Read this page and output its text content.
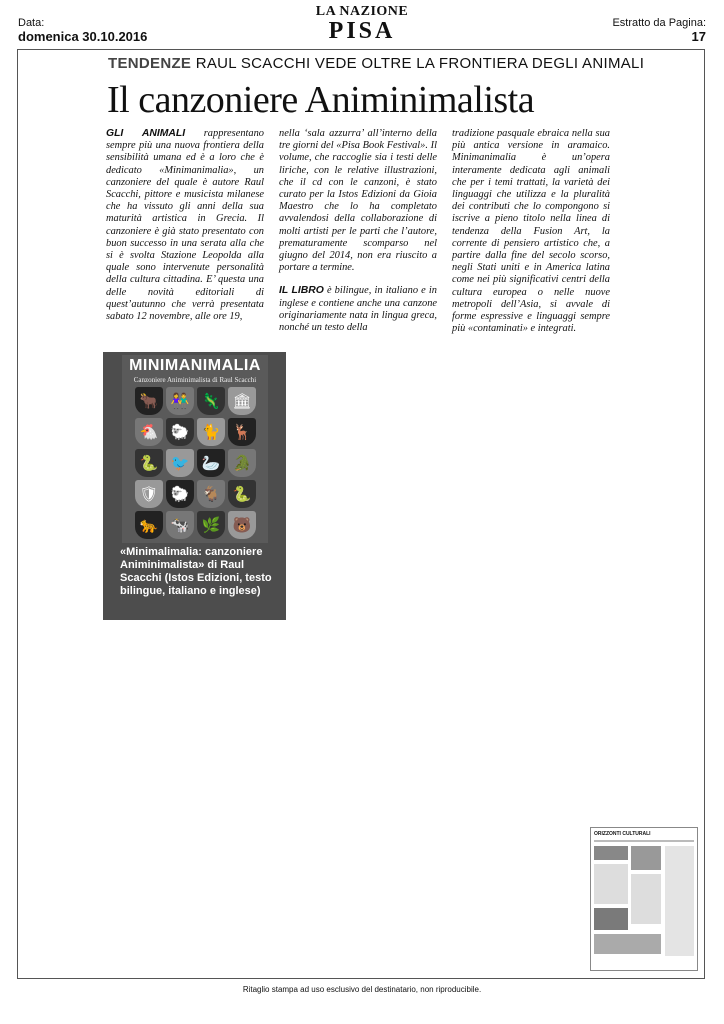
Data:
domenica 30.10.2016
LA NAZIONE
PISA	Estratto da Pagina:
17
TENDENZE RAUL SCACCHI VEDE OLTRE LA FRONTIERA DEGLI ANIMALI
Il canzoniere Animinimalista

GLI ANIMALI rappresentano sempre più una nuova frontiera della sensibilità umana ed è a loro che è dedicato «Minimanimalia», un canzoniere del quale è autore Raul Scacchi, pittore e musicista milanese che ha vissuto gli anni della sua maturità artistica in Grecia. Il canzoniere è già stato presentato con buon successo in una serata alla che si è svolta Stazione Leopolda alla quale sono intervenute personalità della cultura cittadina. E’ questa una delle novità editoriali di quest’autunno che verrà presentata sabato 12 novembre, alle ore 19,

nella ‘sala azzurra’ all’interno della tre giorni del «Pisa Book Festival». Il volume, che raccoglie sia i testi delle liriche, con le relative illustrazioni, che il cd con le canzoni, è stato curato per la Istos Edizioni da Gioia Maestro che lo ha completato avvalendosi della collaborazione di molti artisti per le parti che l’autore, prematuramente scomparso nel giugno del 2014, non era riuscito a portare a termine.

IL LIBRO è bilingue, in italiano e in inglese e contiene anche una canzone originariamente nata in lingua greca, nonché un testo della

tradizione pasquale ebraica nella sua più antica versione in aramaico. Minimanimalia è un’opera interamente dedicata agli animali che per i temi trattati, la varietà dei linguaggi che utilizza e la pluralità dei contributi che lo compongono si iscrive a pieno titolo nella linea di tendenza della Fusion Art, la corrente di pensiero artistico che, a partire dalla fine del secolo scorso, negli Stati uniti e in America latina come nei più significativi centri della cultura europea o nelle nuove metropoli dell’Asia, si avvale di forme espressive e linguaggi sempre più «contaminati» e integrati.

MINIMANIMALIA
Canzoniere Animinimalista di Raul Scacchi
🐂 👫 🦎 🏛
🐔 🐑 🐈 🦌
🐍 🐦 🦢 🐊
🛡 🐑 🐐 🐍
🐆 🐄 🌿 🐻
«Minimalimalia: canzoniere Animinimalista» di Raul Scacchi (Istos Edizioni, testo bilingue, italiano e inglese)
ORIZZONTI CULTURALI
Ritaglio stampa ad uso esclusivo del destinatario, non riproducibile.
